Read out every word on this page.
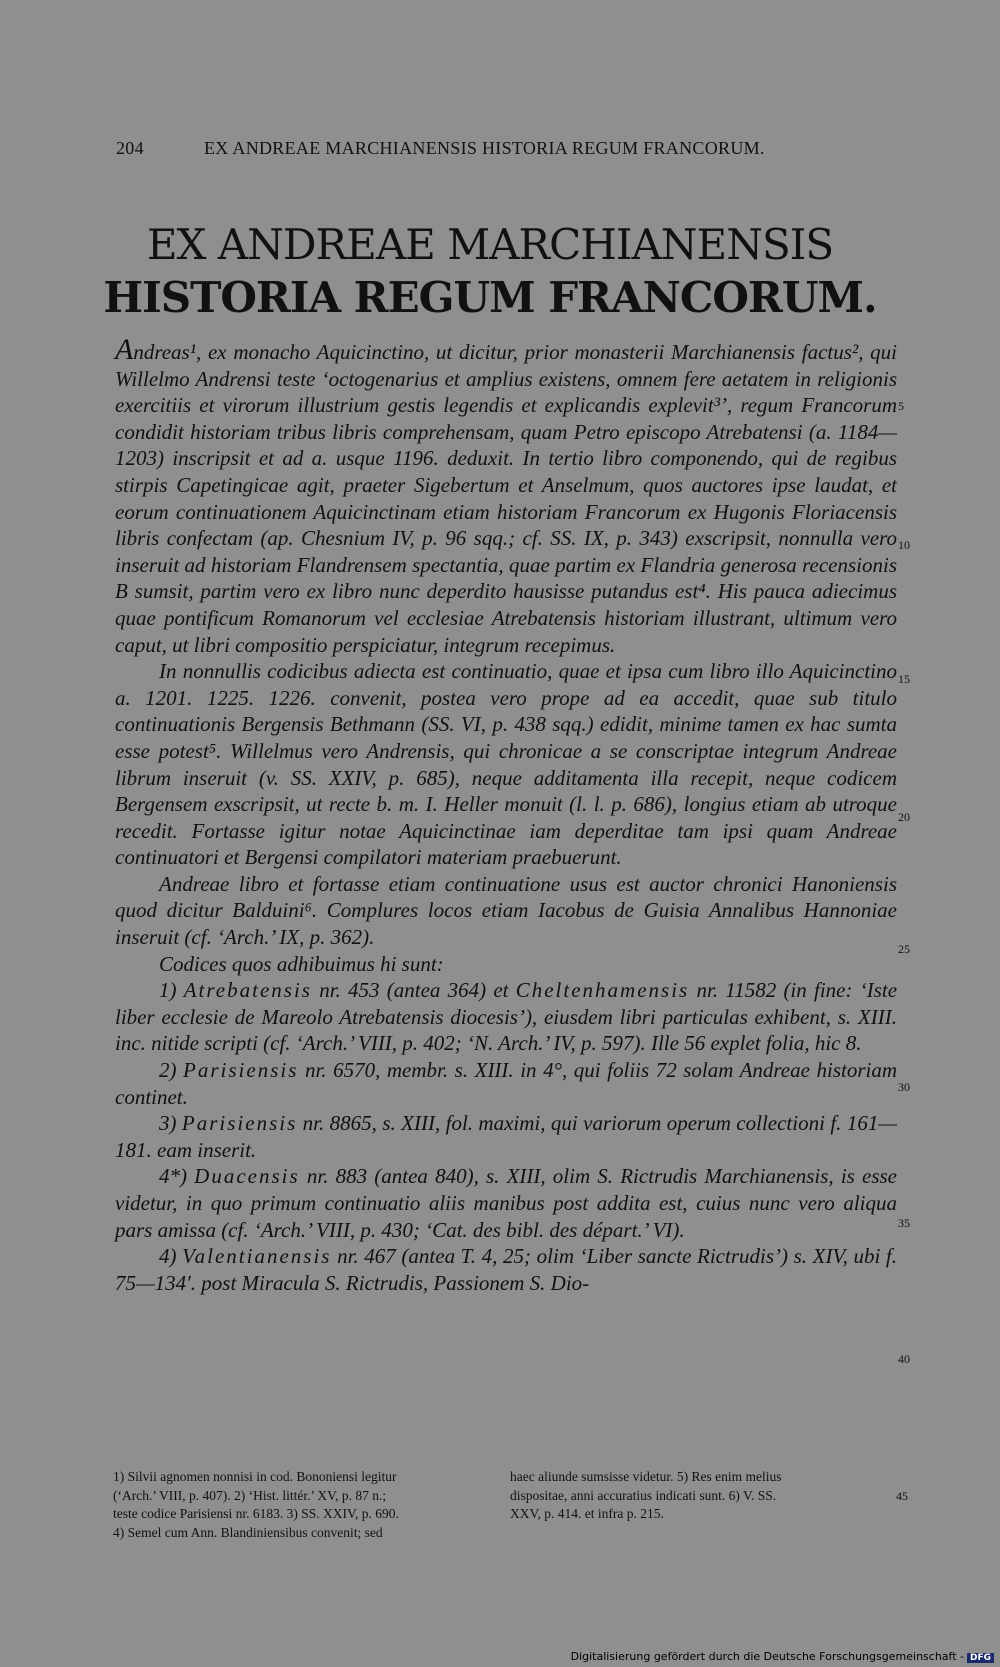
204	EX ANDREAE MARCHIANENSIS HISTORIA REGUM FRANCORUM.
EX ANDREAE MARCHIANENSIS
HISTORIA REGUM FRANCORUM.

Andreas¹, ex monacho Aquicinctino, ut dicitur, prior monasterii Marchianensis factus², qui Willelmo Andrensi teste ‘octogenarius et amplius existens, omnem fere aetatem in religionis exercitiis et virorum illustrium gestis legendis et explicandis explevit³’, regum Francorum condidit historiam tribus libris comprehensam, quam Petro episcopo Atrebatensi (a. 1184—1203) inscripsit et ad a. usque 1196. deduxit. In tertio libro componendo, qui de regibus stirpis Capetingicae agit, praeter Sigebertum et Anselmum, quos auctores ipse laudat, et eorum continuationem Aquicinctinam etiam historiam Francorum ex Hugonis Floriacensis libris confectam (ap. Chesnium IV, p. 96 sqq.; cf. SS. IX, p. 343) exscripsit, nonnulla vero inseruit ad historiam Flandrensem spectantia, quae partim ex Flandria generosa recensionis B sumsit, partim vero ex libro nunc deperdito hausisse putandus est⁴. His pauca adiecimus quae pontificum Romanorum vel ecclesiae Atrebatensis historiam illustrant, ultimum vero caput, ut libri compositio perspiciatur, integrum recepimus.

In nonnullis codicibus adiecta est continuatio, quae et ipsa cum libro illo Aquicinctino a. 1201. 1225. 1226. convenit, postea vero prope ad ea accedit, quae sub titulo continuationis Bergensis Bethmann (SS. VI, p. 438 sqq.) edidit, minime tamen ex hac sumta esse potest⁵. Willelmus vero Andrensis, qui chronicae a se conscriptae integrum Andreae librum inseruit (v. SS. XXIV, p. 685), neque additamenta illa recepit, neque codicem Bergensem exscripsit, ut recte b. m. I. Heller monuit (l. l. p. 686), longius etiam ab utroque recedit. Fortasse igitur notae Aquicinctinae iam deperditae tam ipsi quam Andreae continuatori et Bergensi compilatori materiam praebuerunt.

Andreae libro et fortasse etiam continuatione usus est auctor chronici Hanoniensis quod dicitur Balduini⁶. Complures locos etiam Iacobus de Guisia Annalibus Hannoniae inseruit (cf. ‘Arch.’ IX, p. 362).

Codices quos adhibuimus hi sunt:

1) Atrebatensis nr. 453 (antea 364) et Cheltenhamensis nr. 11582 (in fine: ‘Iste liber ecclesie de Mareolo Atrebatensis diocesis’), eiusdem libri particulas exhibent, s. XIII. inc. nitide scripti (cf. ‘Arch.’ VIII, p. 402; ‘N. Arch.’ IV, p. 597). Ille 56 explet folia, hic 8.

2) Parisiensis nr. 6570, membr. s. XIII. in 4°, qui foliis 72 solam Andreae historiam continet.

3) Parisiensis nr. 8865, s. XIII, fol. maximi, qui variorum operum collectioni f. 161—181. eam inserit.

4*) Duacensis nr. 883 (antea 840), s. XIII, olim S. Rictrudis Marchianensis, is esse videtur, in quo primum continuatio aliis manibus post addita est, cuius nunc vero aliqua pars amissa (cf. ‘Arch.’ VIII, p. 430; ‘Cat. des bibl. des départ.’ VI).

4) Valentianensis nr. 467 (antea T. 4, 25; olim ‘Liber sancte Rictrudis’) s. XIV, ubi f. 75—134′. post Miracula S. Rictrudis, Passionem S. Dio-

5
10
15
20
25
30
35
40

1) Silvii agnomen nonnisi in cod. Bononiensi legitur

(‘Arch.’ VIII, p. 407). 2) ‘Hist. littér.’ XV, p. 87 n.;

teste codice Parisiensi nr. 6183. 3) SS. XXIV, p. 690.

4) Semel cum Ann. Blandiniensibus convenit; sed

haec aliunde sumsisse videtur. 5) Res enim melius

dispositae, anni accuratius indicati sunt. 6) V. SS.

XXV, p. 414. et infra p. 215.

45
Digitalisierung gefördert durch die Deutsche Forschungsgemeinschaft - DFG
